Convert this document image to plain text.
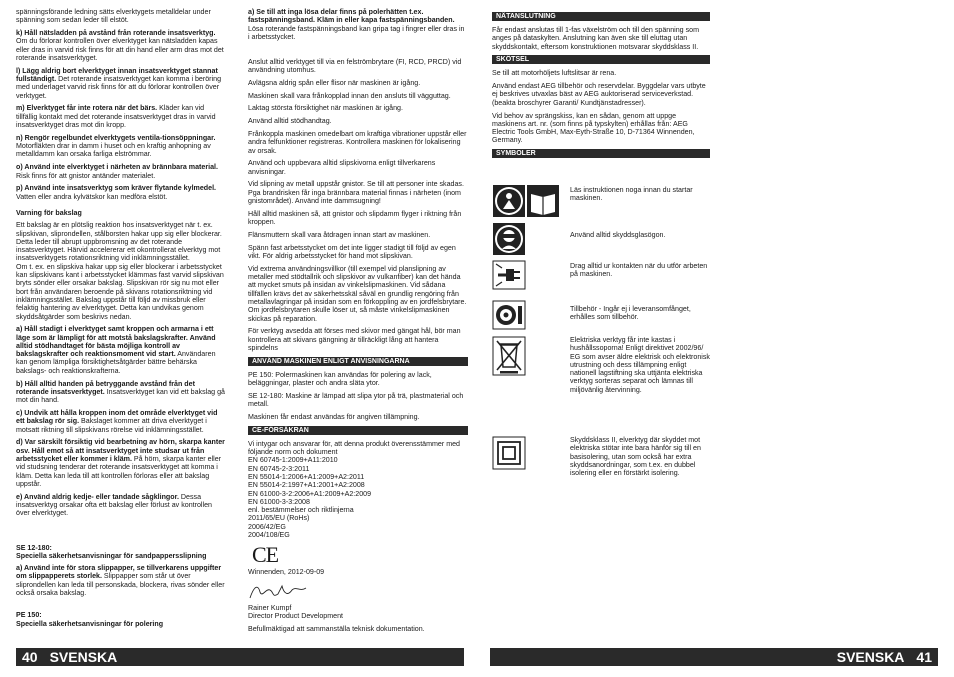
spänningsförande ledning sätts elverktygets metalldelar under spänning som sedan leder till elstöt.

k) Håll nätsladden på avstånd från roterande insatsverktyg. Om du förlorar kontrollen över elverktyget kan nätsladden kapas eller dras in varvid risk finns för att din hand eller arm dras mot det roterande insatsverktyget.

l) Lägg aldrig bort elverktyget innan insatsverktyget stannat fullständigt. Det roterande insatsverktyget kan komma i beröring med underlaget varvid risk finns för att du förlorar kontrollen över verktyget.

m) Elverktyget får inte rotera när det bärs. Kläder kan vid tillfällig kontakt med det roterande insatsverktyget dras in varvid insatsverktyget dras mot din kropp.

n) Rengör regelbundet elverktygets ventila-tionsöppningar. Motorfläkten drar in damm i huset och en kraftig anhopning av metalldamm kan orsaka farliga elströmmar.

o) Använd inte elverktyget i närheten av brännbara material. Risk finns för att gnistor antänder materialet.

p) Använd inte insatsverktyg som kräver flytande kylmedel. Vatten eller andra kylvätskor kan medföra elstöt.

Varning för bakslag

Ett bakslag är en plötslig reaktion hos insatsverktyget när t. ex. slipskivan, sliprondellen, stålborsten hakar upp sig eller blockerar. Detta leder till abrupt uppbromsning av det roterande insatsverktyget. Härvid accelererar ett okontrollerat elverktyg mot insatsverktygets rotationsriktning vid inklämningsstället.
Om t. ex. en slipskiva hakar upp sig eller blockerar i arbetsstycket kan slipskivans kant i arbetsstycket klämmas fast varvid slipskivan bryts sönder eller orsakar bakslag. Slipskivan rör sig nu mot eller bort från användaren beroende på skivans rotationsriktning vid inklämningsstället. Bakslag uppstår till följd av missbruk eller felaktig hantering av elverktyget. Detta kan undvikas genom skyddsåtgärder som beskrivs nedan.

a) Håll stadigt i elverktyget samt kroppen och armarna i ett läge som är lämpligt för att motstå bakslagskrafter. Använd alltid stödhandtaget för bästa möjliga kontroll av bakslagskrafter och reaktionsmoment vid start. Användaren kan genom lämpliga försiktighetsåtgärder bättre behärska bakslags- och reaktionskrafterna.

b) Håll alltid handen på betryggande avstånd från det roterande insatsverktyget. Insatsverktyget kan vid ett bakslag gå mot din hand.

c) Undvik att hålla kroppen inom det område elverktyget vid ett bakslag rör sig. Bakslaget kommer att driva elverktyget i motsatt riktning till slipskivans rörelse vid inklämningsstället.

d) Var särskilt försiktig vid bearbetning av hörn, skarpa kanter osv. Håll emot så att insatsverktyget inte studsar ut från arbetsstycket eller kommer i kläm. På hörn, skarpa kanter eller vid studsning tenderar det roterande insatsverktyget att komma i kläm. Detta kan leda till att kontrollen förloras eller att bakslag uppstår.

e) Använd aldrig kedje- eller tandade sågklingor. Dessa insatsverktyg orsakar ofta ett bakslag eller förlust av kontrollen över elverktyget.

SE 12-180:
Speciella säkerhetsanvisningar för sandpappersslipning

a) Använd inte för stora slippapper, se tillverkarens uppgifter om slippapperets storlek. Slippapper som står ut över sliprondellen kan leda till personskada, blockera, rivas sönder eller också orsaka bakslag.

PE 150:
Speciella säkerhetsanvisningar för polering

a) Se till att inga lösa delar finns på polerhätten t.ex. fastspänningsband. Kläm in eller kapa fastspänningsbanden. Lösa roterande fastspänningsband kan gripa tag i fingrer eller dras in i arbetsstycket.

Anslut alltid verktyget till via en felströmbrytare (FI, RCD, PRCD) vid användning utomhus.

Avlägsna aldrig spån eller flisor när maskinen är igång.

Maskinen skall vara frånkopplad innan den ansluts till vägguttag.

Laktag största försiktighet när maskinen är igång.

Använd alltid stödhandtag.

Frånkoppla maskinen omedelbart om kraftiga vibrationer uppstår eller andra felfunktioner registreras. Kontrollera maskinen för lokalisering av orsak.

Använd och uppbevara alltid slipskivorna enligt tillverkarens anvisningar.

Vid slipning av metall uppstår gnistor. Se till att personer inte skadas. Pga brandrisken får inga brännbara material finnas i närheten (inom gnistområdet). Använd inte dammsugning!

Håll alltid maskinen så, att gnistor och slipdamm flyger i riktning från kroppen.

Flänsmuttern skall vara åtdragen innan start av maskinen.

Spänn fast arbetsstycket om det inte ligger stadigt till följd av egen vikt. För aldrig arbetsstycket för hand mot slipskivan.

Vid extrema användningsvillkor (till exempel vid planslipning av metaller med stödtallrik och slipskivor av vulkanfiber) kan det hända att mycket smuts på insidan av vinkelslipmaskinen. Vid sådana tillfällen krävs det av säkerhetsskäl såväl en grundlig rengöring från metallavlagringar på insidan som en förkoppling av en jordfelsbrytare. Om jordfelsbrytaren skulle löser ut, så måste vinkelslipmaskinen skickas på reparation.

För verktyg avsedda att förses med skivor med gängat hål, bör man kontrollera att skivans gängning är tillräckligt lång att hantera spindelns

ANVÄND MASKINEN ENLIGT ANVISNINGARNA

PE 150: Polermaskinen kan användas för polering av lack, beläggningar, plaster och andra släta ytor.

SE 12-180: Maskine är lämpad att slipa ytor på trä, plastmaterial och metall.

Maskinen får endast användas för angiven tillämpning.

CE-FÖRSÄKRAN

Vi intygar och ansvarar för, att denna produkt överensstämmer med följande norm och dokument
EN 60745-1:2009+A11:2010
EN 60745-2-3:2011
EN 55014-1:2006+A1:2009+A2:2011
EN 55014-2:1997+A1:2001+A2:2008
EN 61000-3-2:2006+A1:2009+A2:2009
EN 61000-3-3:2008
enl. bestämmelser och riktlinjerna
2011/65/EU (RoHs)
2006/42/EG
2004/108/EG

CE

Winnenden, 2012-09-09

Rainer Kumpf

Director Product Development

Befullmäktigad att sammanställa teknisk dokumentation.

NÄTANSLUTNING

Får endast anslutas till 1-fas växelström och till den spänning som anges på dataskylten. Anslutning kan även ske till eluttag utan skyddskontakt, eftersom konstruktionen motsvarar skyddsklass II.

SKÖTSEL

Se till att motorhöljets luftslitsar är rena.

Använd endast AEG tillbehör och reservdelar. Byggdelar vars utbyte ej beskrives utvaxlas bäst av AEG auktoriserad serviceverkstad. (beakta broschyrer Garanti/ Kundtjänstadresser).

Vid behov av sprängskiss, kan en sådan, genom att uppge maskinens art. nr. (som finns på typskylten) erhållas från: AEG Electric Tools GmbH, Max-Eyth-Straße 10, D-71364 Winnenden, Germany.

SYMBOLER
Läs instruktionen noga innan du startar maskinen.
Använd alltid skyddsglasögon.
Drag alltid ur kontakten när du utför arbeten på maskinen.
Tillbehör - Ingår ej i leveransomfånget, erhålles som tillbehör.
Elektriska verktyg får inte kastas i hushållssoporna! Enligt direktivet 2002/96/ EG som avser äldre elektrisk och elektronisk utrustning och dess tillämpning enligt nationell lagstiftning ska uttjänta elektriska verktyg sorteras separat och lämnas till miljövänlig återvinning.
Skyddsklass II, elverktyg där skyddet mot elektriska stötar inte bara hänför sig till en basisolering, utan som också har extra skyddsanordningar, som t.ex. en dubbel isolering eller en förstärkt isolering.
40 SVENSKA	SVENSKA 41
